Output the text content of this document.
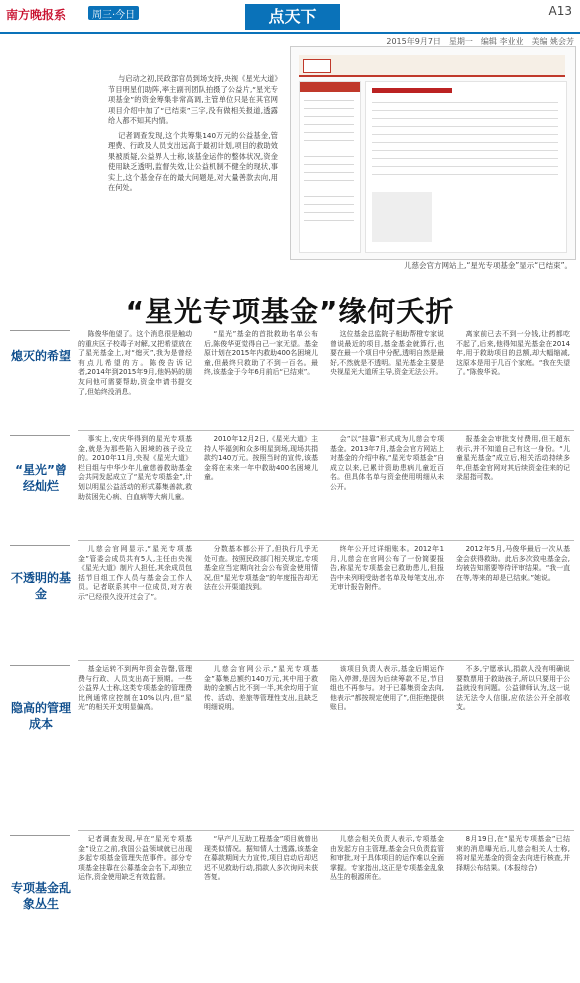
南方晚报系	周三·今日	点天下	A13
2015年9月7日　星期一　编辑 李业业　美编 姚会芳

与启动之初,民政部官员到场支持,央视《星光大道》节目明星们助阵,率主副刊团队拍摄了公益片,“星光专项基金”的资金筹集非常高调,主管单位只是在其官网项目介绍中加了“已结束”三字,没有做相关报道,透露给人都不知其内情。

记者调查发现,这个共筹集140万元的公益基金,管理费、行政及人员支出远高于最初计划,项目的救助效果被质疑,公益界人士称,该基金运作的整体状况,资金使用缺乏透明,监督失效,让公益机制不健全的现状,事实上,这个基金存在的最大问题是,对大量善款去向,用在何处。

儿慈会官方网站上,“星光专项基金”显示“已结束”。
“星光专项基金”缘何夭折
熄灭的希望

陈俊华他望了。这个消息很是触动的重庆区子校毒子对解,又把希望放在了星光基金上,对“熄灭”,我为是曾经有点儿希望的方。陈俊告诉记者,2014年到2015年9月,他妈妈的朋友问他可需要帮助,资金申请书提交了,但始终没消息。

“星光”基金的首批救助名单公布后,陈俊华更觉得自己一家无望。基金原计划在2015年内救助400名困境儿童,但最终只救助了不到一百名。最终,该基金于今年6月前后“已结束”。

这位基金总监院子相助帮橙专家说曾说最近的项目,基金基金就算行,也要在最一个项目中分配,透明自然是最好,不然就是不透明。星光基金主要是央视星光大道所主导,资金无法公开。

离家前已去不到一分钱,让药都吃不起了,后来,他得知星光基金在2014年,用于救助项目的总额,却大幅缩减,这原本是用于几百个家庭。“我在失望了。”陈俊华说。

“星光”曾经灿烂

事实上,安庆华得到的星光专项基金,就是为那些陷入困境的孩子设立的。2010年11月,央视《星光大道》栏目组与中华少年儿童慈善救助基金会共同发起成立了“星光专项基金”,计划以明星公益活动的形式募集善款,救助贫困先心病、白血病等大病儿童。

2010年12月2日,《星光大道》主持人毕福剑和众多明星到场,现场共捐款约140万元。按照当时的宣传,该基金将在未来一年中救助400名困境儿童。

会”以“挂靠”形式成为儿慈会专项基金。2013年7月,基金会官方网站上对基金的介绍中称,“星光专项基金”自成立以来,已累计资助患病儿童近百名。但具体名单与资金使用明细从未公开。

报基金会审批支付费用,但王超东表示,并不知道自己有这一身份。“儿童星光基金”成立后,相关活动持续多年,但基金官网对其后续资金往来的记录屈指可数。

不透明的基金

儿慈会官网显示,“星光专项基金”管委会成员共有5人,主任由央视《星光大道》制片人担任,其余成员包括节目组工作人员与基金会工作人员。记者联系其中一位成员,对方表示“已经很久没开过会了”。

分数基本都公开了,但执行几乎无处可查。按照民政部门相关规定,专项基金应当定期向社会公布资金使用情况,但“星光专项基金”的年度报告却无法在公开渠道找到。

终年公开过详细账本。2012年1月,儿慈会在官网公布了一份简要报告,称星光专项基金已救助患儿,但报告中未列明受助者名单及每笔支出,亦无审计报告附件。

2012年5月,马俊华最后一次从基金会获得救助。此后多次致电基金会,均被告知需要等待评审结果。“我一直在等,等来的却是已结束。”她说。

隐高的管理成本

基金运转不到两年资金告罄,管理费与行政、人员支出高于预期。一些公益界人士称,这类专项基金的管理费比例通常应控制在10%以内,但“星光”的相关开支明显偏高。

儿慈会官网公示,“星光专项基金”募集总额约140万元,其中用于救助的金额占比不到一半,其余均用于宣传、活动、差旅等管理性支出,且缺乏明细说明。

该项目负责人表示,基金后期运作陷入停滞,是因为后续筹款不足,节目组也不再参与。对于已募集资金去向,他表示“都按规定使用了”,但拒绝提供账目。

不多,宁愿承认,捐款人没有明确说要数票用于救助孩子,所以只要用于公益就没有问题。公益律师认为,这一说法无法令人信服,应依法公开全部收支。

专项基金乱象丛生

记者调查发现,早在“星光专项基金”设立之前,我国公益领域就已出现多起专项基金管理失范事件。部分专项基金挂靠在公募基金会名下,却独立运作,资金使用缺乏有效监督。

“早产儿互助工程基金”项目就曾出现类似情况。据知情人士透露,该基金在募款期间大力宣传,项目启动后却迟迟不见救助行动,捐款人多次询问未获答复。

儿慈会相关负责人表示,专项基金由发起方自主管理,基金会只负责监管和审批,对于具体项目的运作难以全面掌握。专家指出,这正是专项基金乱象丛生的根源所在。

8月19日,在“星光专项基金”已结束的消息曝光后,儿慈会相关人士称,将对星光基金的资金去向进行核查,并择期公布结果。(本报综合)
